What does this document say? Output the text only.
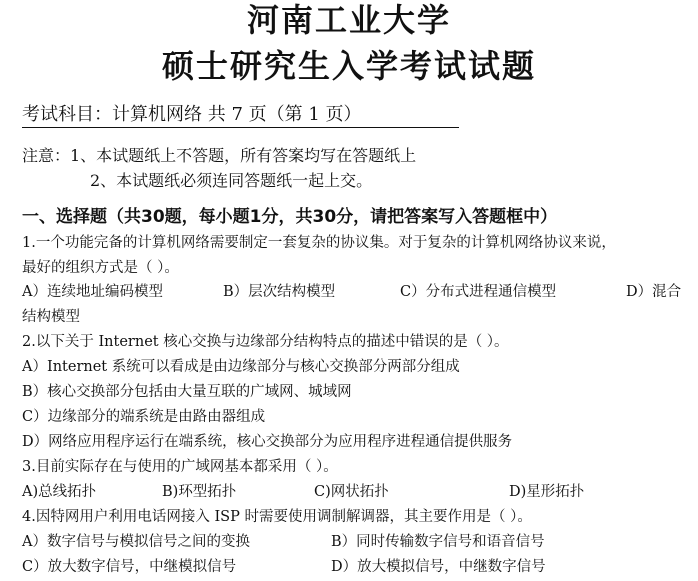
河南工业大学
硕士研究生入学考试试题
考试科目：计算机网络 共 7 页（第 1 页）
注意：1、本试题纸上不答题，所有答案均写在答题纸上
2、本试题纸必须连同答题纸一起上交。
一、选择题（共30题，每小题1分，共30分，请把答案写入答题框中）
1.一个功能完备的计算机网络需要制定一套复杂的协议集。对于复杂的计算机网络协议来说，
最好的组织方式是（ ）。
A）连续地址编码模型	B）层次结构模型	C）分布式进程通信模型	D）混合
结构模型
2.以下关于 Internet 核心交换与边缘部分结构特点的描述中错误的是（ ）。
A）Internet 系统可以看成是由边缘部分与核心交换部分两部分组成
B）核心交换部分包括由大量互联的广域网、城域网
C）边缘部分的端系统是由路由器组成
D）网络应用程序运行在端系统，核心交换部分为应用程序进程通信提供服务
3.目前实际存在与使用的广域网基本都采用（ ）。
A)总线拓扑	B)环型拓扑	C)网状拓扑	D)星形拓扑
4.因特网用户利用电话网接入 ISP 时需要使用调制解调器，其主要作用是（ ）。
A）数字信号与模拟信号之间的变换	B）同时传输数字信号和语音信号
C）放大数字信号，中继模拟信号	D）放大模拟信号，中继数字信号
